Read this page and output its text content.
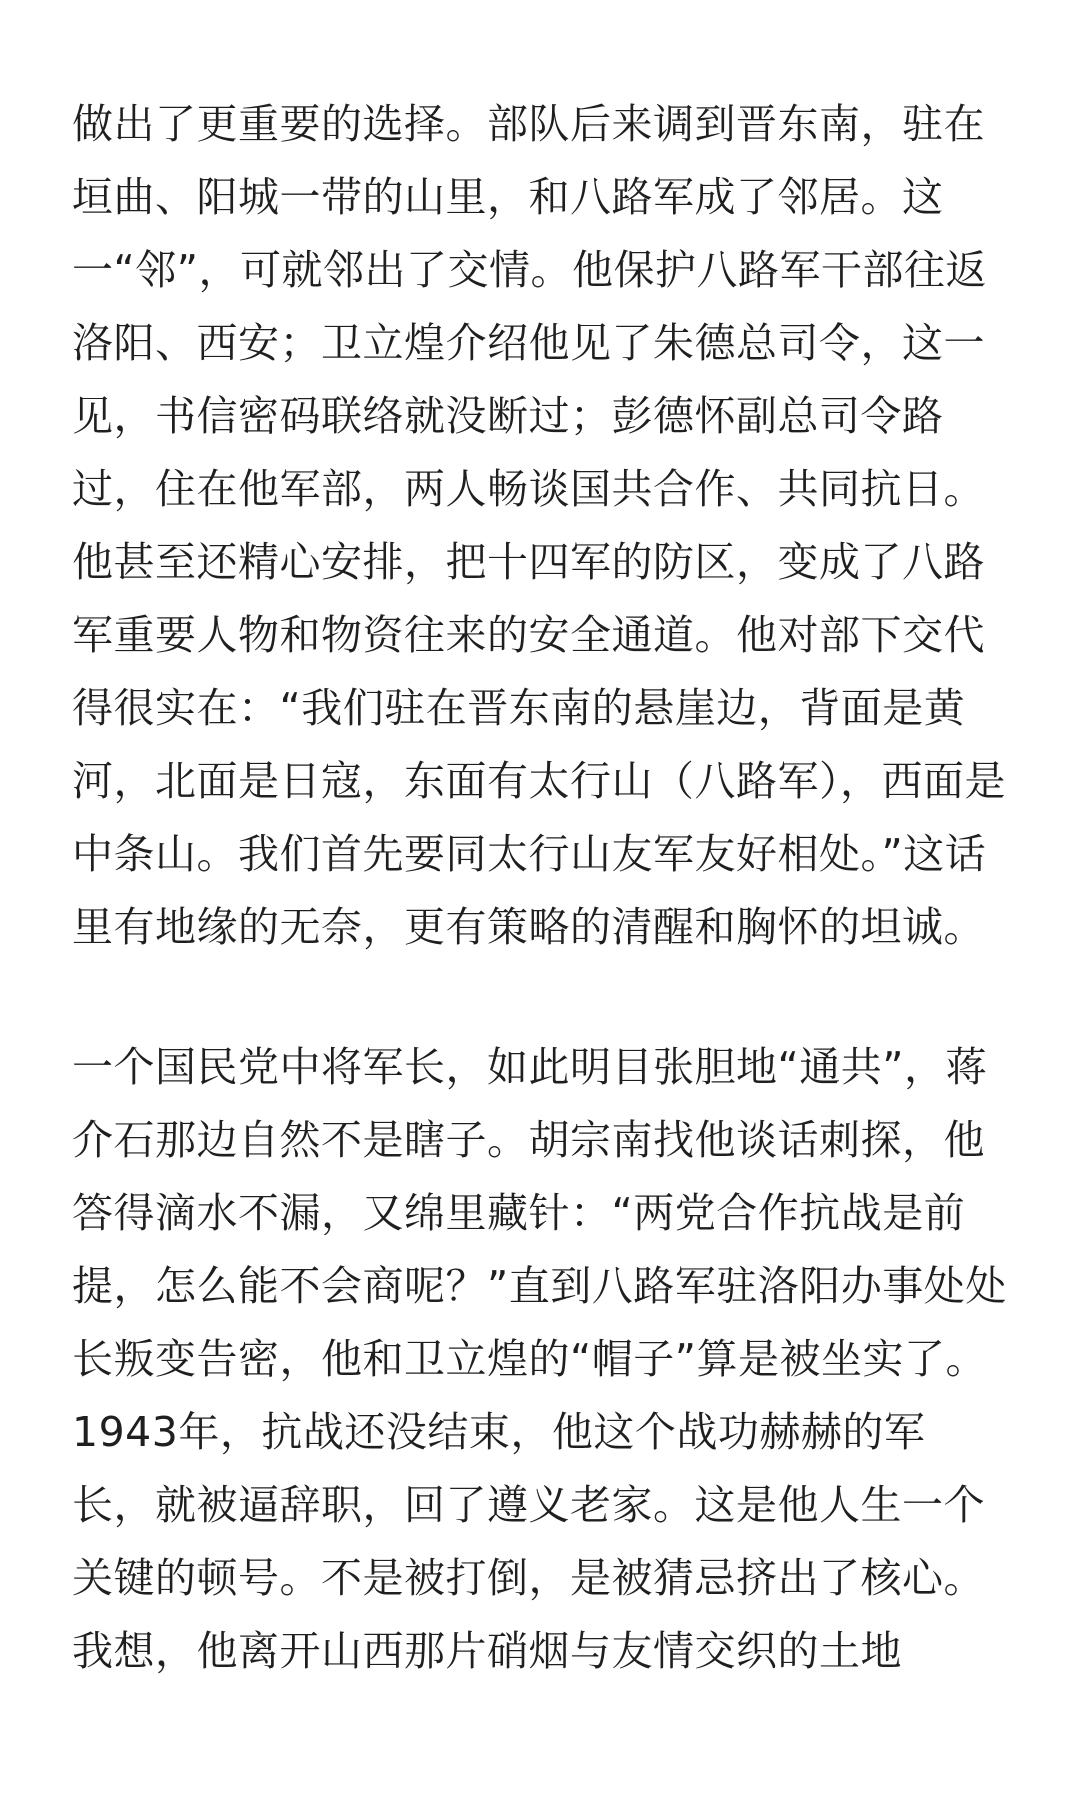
做出了更重要的选择。部队后来调到晋东南，驻在垣曲、阳城一带的山里，和八路军成了邻居。这一“邻”，可就邻出了交情。他保护八路军干部往返洛阳、西安；卫立煌介绍他见了朱德总司令，这一见，书信密码联络就没断过；彭德怀副总司令路过，住在他军部，两人畅谈国共合作、共同抗日。他甚至还精心安排，把十四军的防区，变成了八路军重要人物和物资往来的安全通道。他对部下交代得很实在：“我们驻在晋东南的悬崖边，背面是黄河，北面是日寇，东面有太行山（八路军），西面是中条山。我们首先要同太行山友军友好相处。”这话里有地缘的无奈，更有策略的清醒和胸怀的坦诚。

一个国民党中将军长，如此明目张胆地“通共”，蒋介石那边自然不是瞎子。胡宗南找他谈话刺探，他答得滴水不漏，又绵里藏针：“两党合作抗战是前提，怎么能不会商呢？”直到八路军驻洛阳办事处处长叛变告密，他和卫立煌的“帽子”算是被坐实了。1943年，抗战还没结束，他这个战功赫赫的军长，就被逼辞职，回了遵义老家。这是他人生一个关键的顿号。不是被打倒，是被猜忌挤出了核心。我想，他离开山西那片硝烟与友情交织的土地
